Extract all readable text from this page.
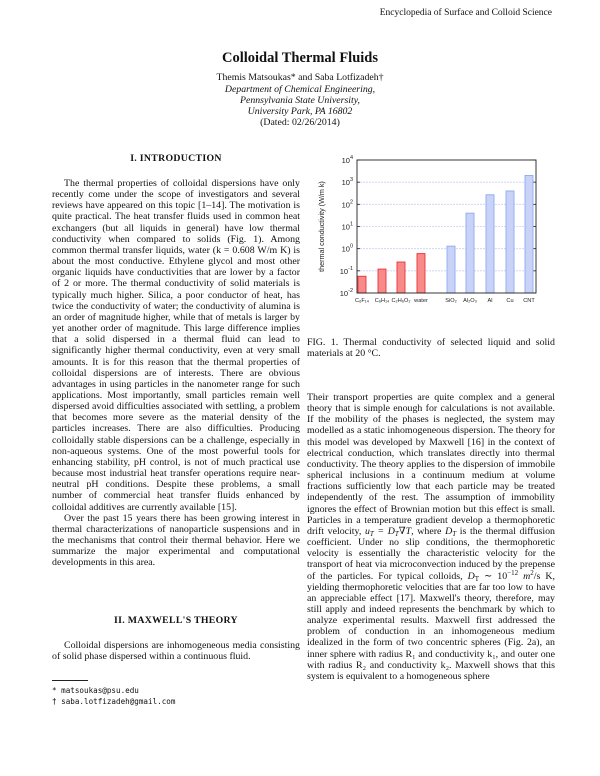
Encyclopedia of Surface and Colloid Science
Colloidal Thermal Fluids
Themis Matsoukas* and Saba Lotfizadeh†
Department of Chemical Engineering,
Pennsylvania State University,
University Park, PA 16802
(Dated: 02/26/2014)
I. INTRODUCTION

The thermal properties of colloidal dispersions have only recently come under the scope of investigators and several reviews have appeared on this topic [1–14]. The motivation is quite practical. The heat transfer fluids used in common heat exchangers (but all liquids in general) have low thermal conductivity when compared to solids (Fig. 1). Among common thermal transfer liquids, water (k = 0.608 W/m K) is about the most conductive. Ethylene glycol and most other organic liquids have conductivities that are lower by a factor of 2 or more. The thermal conductivity of solid materials is typically much higher. Silica, a poor conductor of heat, has twice the conductivity of water; the conductivity of alumina is an order of magnitude higher, while that of metals is larger by yet another order of magnitude. This large difference implies that a solid dispersed in a thermal fluid can lead to significantly higher thermal conductivity, even at very small amounts. It is for this reason that the thermal properties of colloidal dispersions are of interests. There are obvious advantages in using particles in the nanometer range for such applications. Most importantly, small particles remain well dispersed avoid difficulties associated with settling, a problem that becomes more severe as the material density of the particles increases. There are also difficulties. Producing colloidally stable dispersions can be a challenge, especially in non-aqueous systems. One of the most powerful tools for enhancing stability, pH control, is not of much practical use because most industrial heat transfer operations require near-neutral pH conditions. Despite these problems, a small number of commercial heat transfer fluids enhanced by colloidal additives are currently available [15].

Over the past 15 years there has been growing interest in thermal characterizations of nanoparticle suspensions and in the mechanisms that control their thermal behavior. Here we summarize the major experimental and computational developments in this area.

II. MAXWELL'S THEORY

Colloidal dispersions are inhomogeneous media consisting of solid phase dispersed within a continuous fluid.

* matsoukas@psu.edu
† saba.lotfizadeh@gmail.com
$10^{-2}$
$10^{-1}$
$10^0$
$10^1$
$10^2$
$10^3$
$10^4$
C₆F₁₄ C₆H₁₄ C₂H₆O₂ water	SiO₂ Al₂O₃ Al Cu CNT
thermal conductivity (W/m k)

FIG. 1. Thermal conductivity of selected liquid and solid materials at 20 °C.

Their transport properties are quite complex and a general theory that is simple enough for calculations is not available. If the mobility of the phases is neglected, the system may modelled as a static inhomogeneous dispersion. The theory for this model was developed by Maxwell [16] in the context of electrical conduction, which translates directly into thermal conductivity. The theory applies to the dispersion of immobile spherical inclusions in a continuum medium at volume fractions sufficiently low that each particle may be treated independently of the rest. The assumption of immobility ignores the effect of Brownian motion but this effect is small. Particles in a temperature gradient develop a thermophoretic drift velocity, $u_T = D_T\nabla T$, where $D_T$ is the thermal diffusion coefficient. Under no slip conditions, the thermophoretic velocity is essentially the characteristic velocity for the transport of heat via microconvection induced by the prepense of the particles. For typical colloids, $D_T$ ∼ $10^{-12}$ $m^2/s$ K, yielding thermophoretic velocities that are far too low to have an appreciable effect [17]. Maxwell's theory, therefore, may still apply and indeed represents the benchmark by which to analyze experimental results. Maxwell first addressed the problem of conduction in an inhomogeneous medium idealized in the form of two concentric spheres (Fig. 2a), an inner sphere with radius R₁ and conductivity k₁, and outer one with radius R₂ and conductivity k₂. Maxwell shows that this system is equivalent to a homogeneous sphere
